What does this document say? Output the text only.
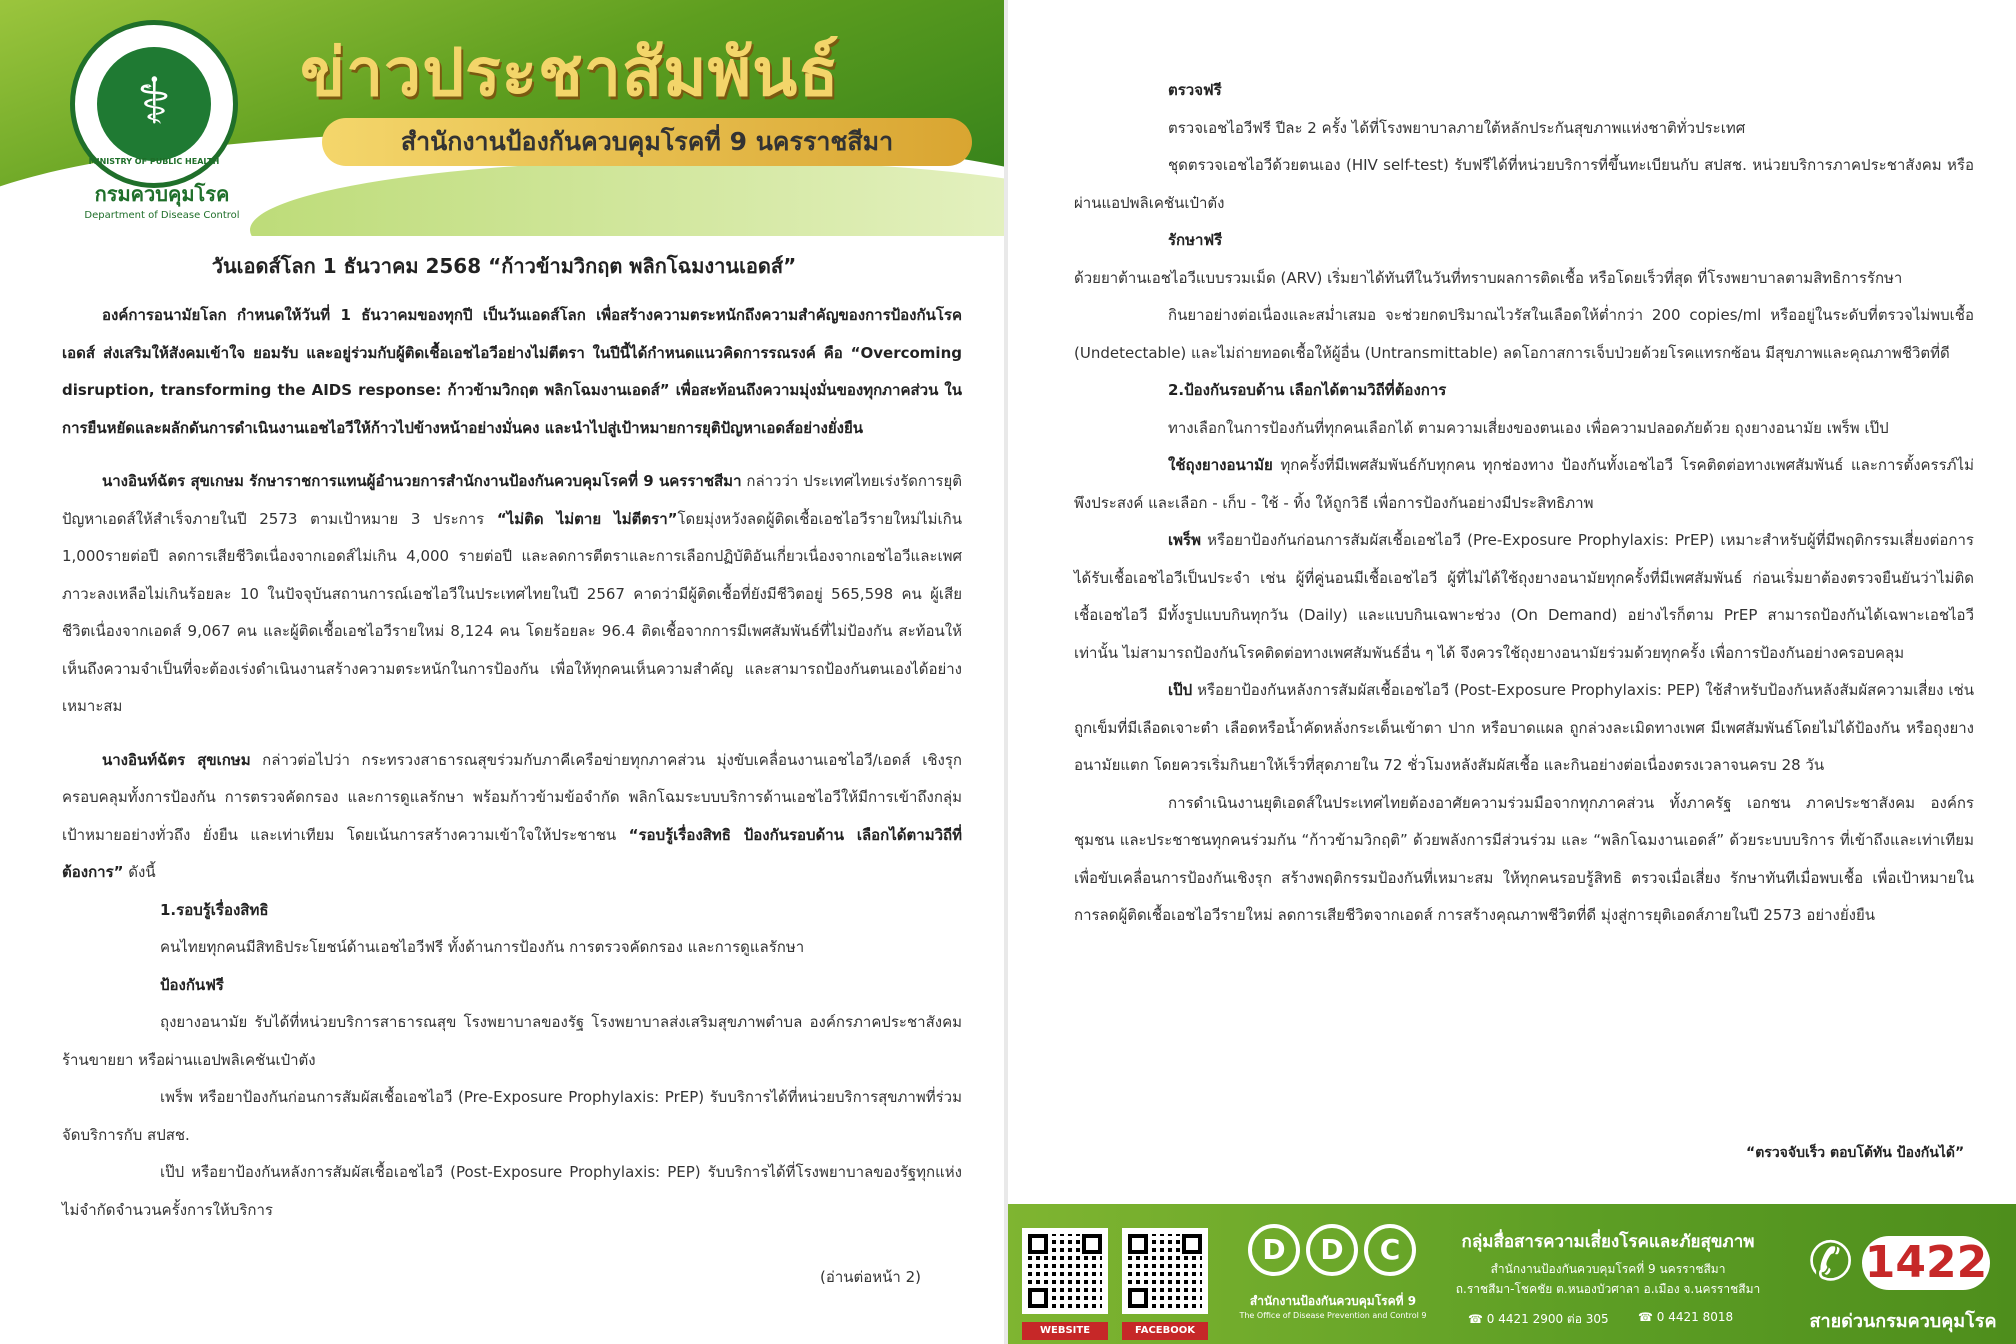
⚕
MINISTRY OF PUBLIC HEALTH
กรมควบคุมโรค
Department of Disease Control
ข่าวประชาสัมพันธ์
สำนักงานป้องกันควบคุมโรคที่ 9 นครราชสีมา
วันเอดส์โลก 1 ธันวาคม 2568 “ก้าวข้ามวิกฤต พลิกโฉมงานเอดส์”

องค์การอนามัยโลก กำหนดให้วันที่ 1 ธันวาคมของทุกปี เป็นวันเอดส์โลก เพื่อสร้างความตระหนักถึงความสำคัญของการป้องกันโรคเอดส์ ส่งเสริมให้สังคมเข้าใจ ยอมรับ และอยู่ร่วมกับผู้ติดเชื้อเอชไอวีอย่างไม่ตีตรา ในปีนี้ได้กำหนดแนวคิดการรณรงค์ คือ “Overcoming disruption, transforming the AIDS response: ก้าวข้ามวิกฤต พลิกโฉมงานเอดส์” เพื่อสะท้อนถึงความมุ่งมั่นของทุกภาคส่วน ในการยืนหยัดและผลักดันการดำเนินงานเอชไอวีให้ก้าวไปข้างหน้าอย่างมั่นคง และนำไปสู่เป้าหมายการยุติปัญหาเอดส์อย่างยั่งยืน

นางอินท์ฉัตร สุขเกษม รักษาราชการแทนผู้อำนวยการสำนักงานป้องกันควบคุมโรคที่ 9 นครราชสีมา กล่าวว่า ประเทศไทยเร่งรัดการยุติปัญหาเอดส์ให้สำเร็จภายในปี 2573 ตามเป้าหมาย 3 ประการ “ไม่ติด ไม่ตาย ไม่ตีตรา”โดยมุ่งหวังลดผู้ติดเชื้อเอชไอวีรายใหม่ไม่เกิน 1,000รายต่อปี ลดการเสียชีวิตเนื่องจากเอดส์ไม่เกิน 4,000 รายต่อปี และลดการตีตราและการเลือกปฏิบัติอันเกี่ยวเนื่องจากเอชไอวีและเพศภาวะลงเหลือไม่เกินร้อยละ 10 ในปัจจุบันสถานการณ์เอชไอวีในประเทศไทยในปี 2567 คาดว่ามีผู้ติดเชื้อที่ยังมีชีวิตอยู่ 565,598 คน ผู้เสียชีวิตเนื่องจากเอดส์ 9,067 คน และผู้ติดเชื้อเอชไอวีรายใหม่ 8,124 คน โดยร้อยละ 96.4 ติดเชื้อจากการมีเพศสัมพันธ์ที่ไม่ป้องกัน สะท้อนให้เห็นถึงความจำเป็นที่จะต้องเร่งดำเนินงานสร้างความตระหนักในการป้องกัน เพื่อให้ทุกคนเห็นความสำคัญ และสามารถป้องกันตนเองได้อย่างเหมาะสม

นางอินท์ฉัตร สุขเกษม กล่าวต่อไปว่า กระทรวงสาธารณสุขร่วมกับภาคีเครือข่ายทุกภาคส่วน มุ่งขับเคลื่อนงานเอชไอวี/เอดส์ เชิงรุกครอบคลุมทั้งการป้องกัน การตรวจคัดกรอง และการดูแลรักษา พร้อมก้าวข้ามข้อจำกัด พลิกโฉมระบบบริการด้านเอชไอวีให้มีการเข้าถึงกลุ่มเป้าหมายอย่างทั่วถึง ยั่งยืน และเท่าเทียม โดยเน้นการสร้างความเข้าใจให้ประชาชน “รอบรู้เรื่องสิทธิ ป้องกันรอบด้าน เลือกได้ตามวิถีที่ต้องการ” ดังนี้

1.รอบรู้เรื่องสิทธิ

คนไทยทุกคนมีสิทธิประโยชน์ด้านเอชไอวีฟรี ทั้งด้านการป้องกัน การตรวจคัดกรอง และการดูแลรักษา

ป้องกันฟรี

ถุงยางอนามัย รับได้ที่หน่วยบริการสาธารณสุข โรงพยาบาลของรัฐ โรงพยาบาลส่งเสริมสุขภาพตำบล องค์กรภาคประชาสังคม ร้านขายยา หรือผ่านแอปพลิเคชันเป๋าตัง

เพร็พ หรือยาป้องกันก่อนการสัมผัสเชื้อเอชไอวี (Pre-Exposure Prophylaxis: PrEP) รับบริการได้ที่หน่วยบริการสุขภาพที่ร่วมจัดบริการกับ สปสช.

เป๊ป หรือยาป้องกันหลังการสัมผัสเชื้อเอชไอวี (Post-Exposure Prophylaxis: PEP) รับบริการได้ที่โรงพยาบาลของรัฐทุกแห่ง ไม่จำกัดจำนวนครั้งการให้บริการ

(อ่านต่อหน้า 2)

ตรวจฟรี

ตรวจเอชไอวีฟรี ปีละ 2 ครั้ง ได้ที่โรงพยาบาลภายใต้หลักประกันสุขภาพแห่งชาติทั่วประเทศ

ชุดตรวจเอชไอวีด้วยตนเอง (HIV self-test) รับฟรีได้ที่หน่วยบริการที่ขึ้นทะเบียนกับ สปสช. หน่วยบริการภาคประชาสังคม หรือผ่านแอปพลิเคชันเป๋าตัง

รักษาฟรี

ด้วยยาต้านเอชไอวีแบบรวมเม็ด (ARV) เริ่มยาได้ทันทีในวันที่ทราบผลการติดเชื้อ หรือโดยเร็วที่สุด ที่โรงพยาบาลตามสิทธิการรักษา

กินยาอย่างต่อเนื่องและสม่ำเสมอ จะช่วยกดปริมาณไวรัสในเลือดให้ต่ำกว่า 200 copies/ml หรืออยู่ในระดับที่ตรวจไม่พบเชื้อ (Undetectable) และไม่ถ่ายทอดเชื้อให้ผู้อื่น (Untransmittable) ลดโอกาสการเจ็บป่วยด้วยโรคแทรกซ้อน มีสุขภาพและคุณภาพชีวิตที่ดี

2.ป้องกันรอบด้าน เลือกได้ตามวิถีที่ต้องการ

ทางเลือกในการป้องกันที่ทุกคนเลือกได้ ตามความเสี่ยงของตนเอง เพื่อความปลอดภัยด้วย ถุงยางอนามัย เพร็พ เป๊ป

ใช้ถุงยางอนามัย ทุกครั้งที่มีเพศสัมพันธ์กับทุกคน ทุกช่องทาง ป้องกันทั้งเอชไอวี โรคติดต่อทางเพศสัมพันธ์ และการตั้งครรภ์ไม่พึงประสงค์ และเลือก - เก็บ - ใช้ - ทิ้ง ให้ถูกวิธี เพื่อการป้องกันอย่างมีประสิทธิภาพ

เพร็พ หรือยาป้องกันก่อนการสัมผัสเชื้อเอชไอวี (Pre-Exposure Prophylaxis: PrEP) เหมาะสำหรับผู้ที่มีพฤติกรรมเสี่ยงต่อการได้รับเชื้อเอชไอวีเป็นประจำ เช่น ผู้ที่คู่นอนมีเชื้อเอชไอวี ผู้ที่ไม่ได้ใช้ถุงยางอนามัยทุกครั้งที่มีเพศสัมพันธ์ ก่อนเริ่มยาต้องตรวจยืนยันว่าไม่ติดเชื้อเอชไอวี มีทั้งรูปแบบกินทุกวัน (Daily) และแบบกินเฉพาะช่วง (On Demand) อย่างไรก็ตาม PrEP สามารถป้องกันได้เฉพาะเอชไอวีเท่านั้น ไม่สามารถป้องกันโรคติดต่อทางเพศสัมพันธ์อื่น ๆ ได้ จึงควรใช้ถุงยางอนามัยร่วมด้วยทุกครั้ง เพื่อการป้องกันอย่างครอบคลุม

เป๊ป หรือยาป้องกันหลังการสัมผัสเชื้อเอชไอวี (Post-Exposure Prophylaxis: PEP) ใช้สำหรับป้องกันหลังสัมผัสความเสี่ยง เช่น ถูกเข็มที่มีเลือดเจาะตำ เลือดหรือน้ำคัดหลั่งกระเด็นเข้าตา ปาก หรือบาดแผล ถูกล่วงละเมิดทางเพศ มีเพศสัมพันธ์โดยไม่ได้ป้องกัน หรือถุงยางอนามัยแตก โดยควรเริ่มกินยาให้เร็วที่สุดภายใน 72 ชั่วโมงหลังสัมผัสเชื้อ และกินอย่างต่อเนื่องตรงเวลาจนครบ 28 วัน

การดำเนินงานยุติเอดส์ในประเทศไทยต้องอาศัยความร่วมมือจากทุกภาคส่วน ทั้งภาครัฐ เอกชน ภาคประชาสังคม องค์กร ชุมชน และประชาชนทุกคนร่วมกัน “ก้าวข้ามวิกฤติ” ด้วยพลังการมีส่วนร่วม และ “พลิกโฉมงานเอดส์” ด้วยระบบบริการ ที่เข้าถึงและเท่าเทียม เพื่อขับเคลื่อนการป้องกันเชิงรุก สร้างพฤติกรรมป้องกันที่เหมาะสม ให้ทุกคนรอบรู้สิทธิ ตรวจเมื่อเสี่ยง รักษาทันทีเมื่อพบเชื้อ เพื่อเป้าหมายในการลดผู้ติดเชื้อเอชไอวีรายใหม่ ลดการเสียชีวิตจากเอดส์ การสร้างคุณภาพชีวิตที่ดี มุ่งสู่การยุติเอดส์ภายในปี 2573 อย่างยั่งยืน

“ตรวจจับเร็ว ตอบโต้ทัน ป้องกันได้”
WEBSITE	FACEBOOK
D	D	C
สำนักงานป้องกันควบคุมโรคที่ 9
The Office of Disease Prevention and Control 9
กลุ่มสื่อสารความเสี่ยงโรคและภัยสุขภาพ
สำนักงานป้องกันควบคุมโรคที่ 9 นครราชสีมา
ถ.ราชสีมา-โชคชัย ต.หนองบัวศาลา อ.เมือง จ.นครราชสีมา
☎ 0 4421 2900 ต่อ 305 ☎ 0 4421 8018
✆ 1422
สายด่วนกรมควบคุมโรค
